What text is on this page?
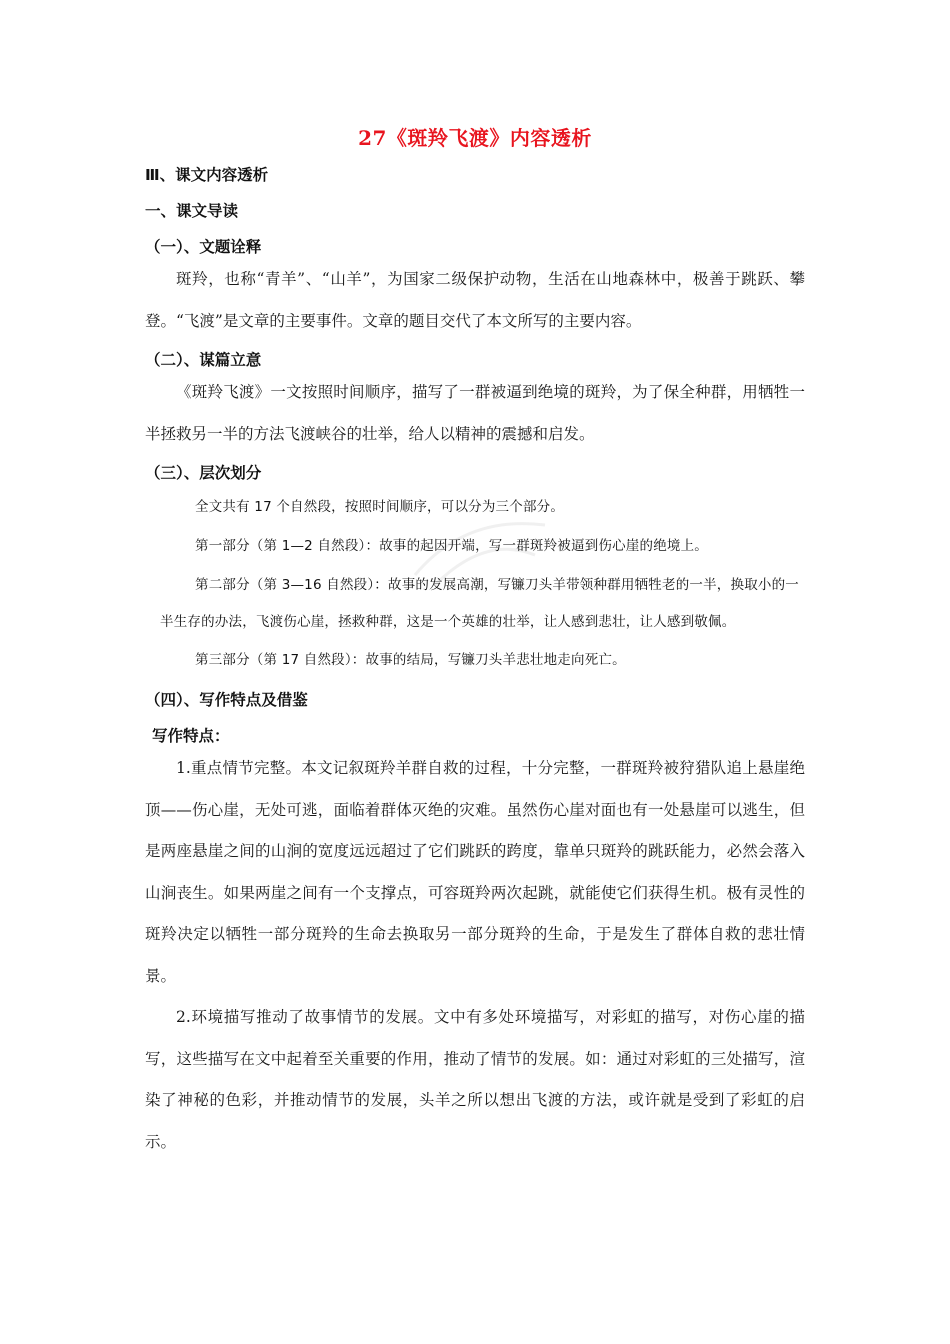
27《斑羚飞渡》内容透析
Ⅲ、课文内容透析
一、课文导读
（一）、文题诠释
斑羚，也称“青羊”、“山羊”，为国家二级保护动物，生活在山地森林中，极善于跳跃、攀登。“飞渡”是文章的主要事件。文章的题目交代了本文所写的主要内容。
（二）、谋篇立意
《斑羚飞渡》一文按照时间顺序，描写了一群被逼到绝境的斑羚，为了保全种群，用牺牲一半拯救另一半的方法飞渡峡谷的壮举，给人以精神的震撼和启发。
（三）、层次划分
全文共有 17 个自然段，按照时间顺序，可以分为三个部分。
第一部分（第 1—2 自然段）：故事的起因开端，写一群斑羚被逼到伤心崖的绝境上。
第二部分（第 3—16 自然段）：故事的发展高潮，写镰刀头羊带领种群用牺牲老的一半，换取小的一
半生存的办法，飞渡伤心崖，拯救种群，这是一个英雄的壮举，让人感到悲壮，让人感到敬佩。
第三部分（第 17 自然段）：故事的结局，写镰刀头羊悲壮地走向死亡。
（四）、写作特点及借鉴
写作特点：
1.重点情节完整。本文记叙斑羚羊群自救的过程，十分完整，一群斑羚被狩猎队追上悬崖绝顶——伤心崖，无处可逃，面临着群体灭绝的灾难。虽然伤心崖对面也有一处悬崖可以逃生，但是两座悬崖之间的山涧的宽度远远超过了它们跳跃的跨度，靠单只斑羚的跳跃能力，必然会落入山涧丧生。如果两崖之间有一个支撑点，可容斑羚两次起跳，就能使它们获得生机。极有灵性的斑羚决定以牺牲一部分斑羚的生命去换取另一部分斑羚的生命，于是发生了群体自救的悲壮情景。
2.环境描写推动了故事情节的发展。文中有多处环境描写，对彩虹的描写，对伤心崖的描写，这些描写在文中起着至关重要的作用，推动了情节的发展。如：通过对彩虹的三处描写，渲染了神秘的色彩，并推动情节的发展，头羊之所以想出飞渡的方法，或许就是受到了彩虹的启示。
